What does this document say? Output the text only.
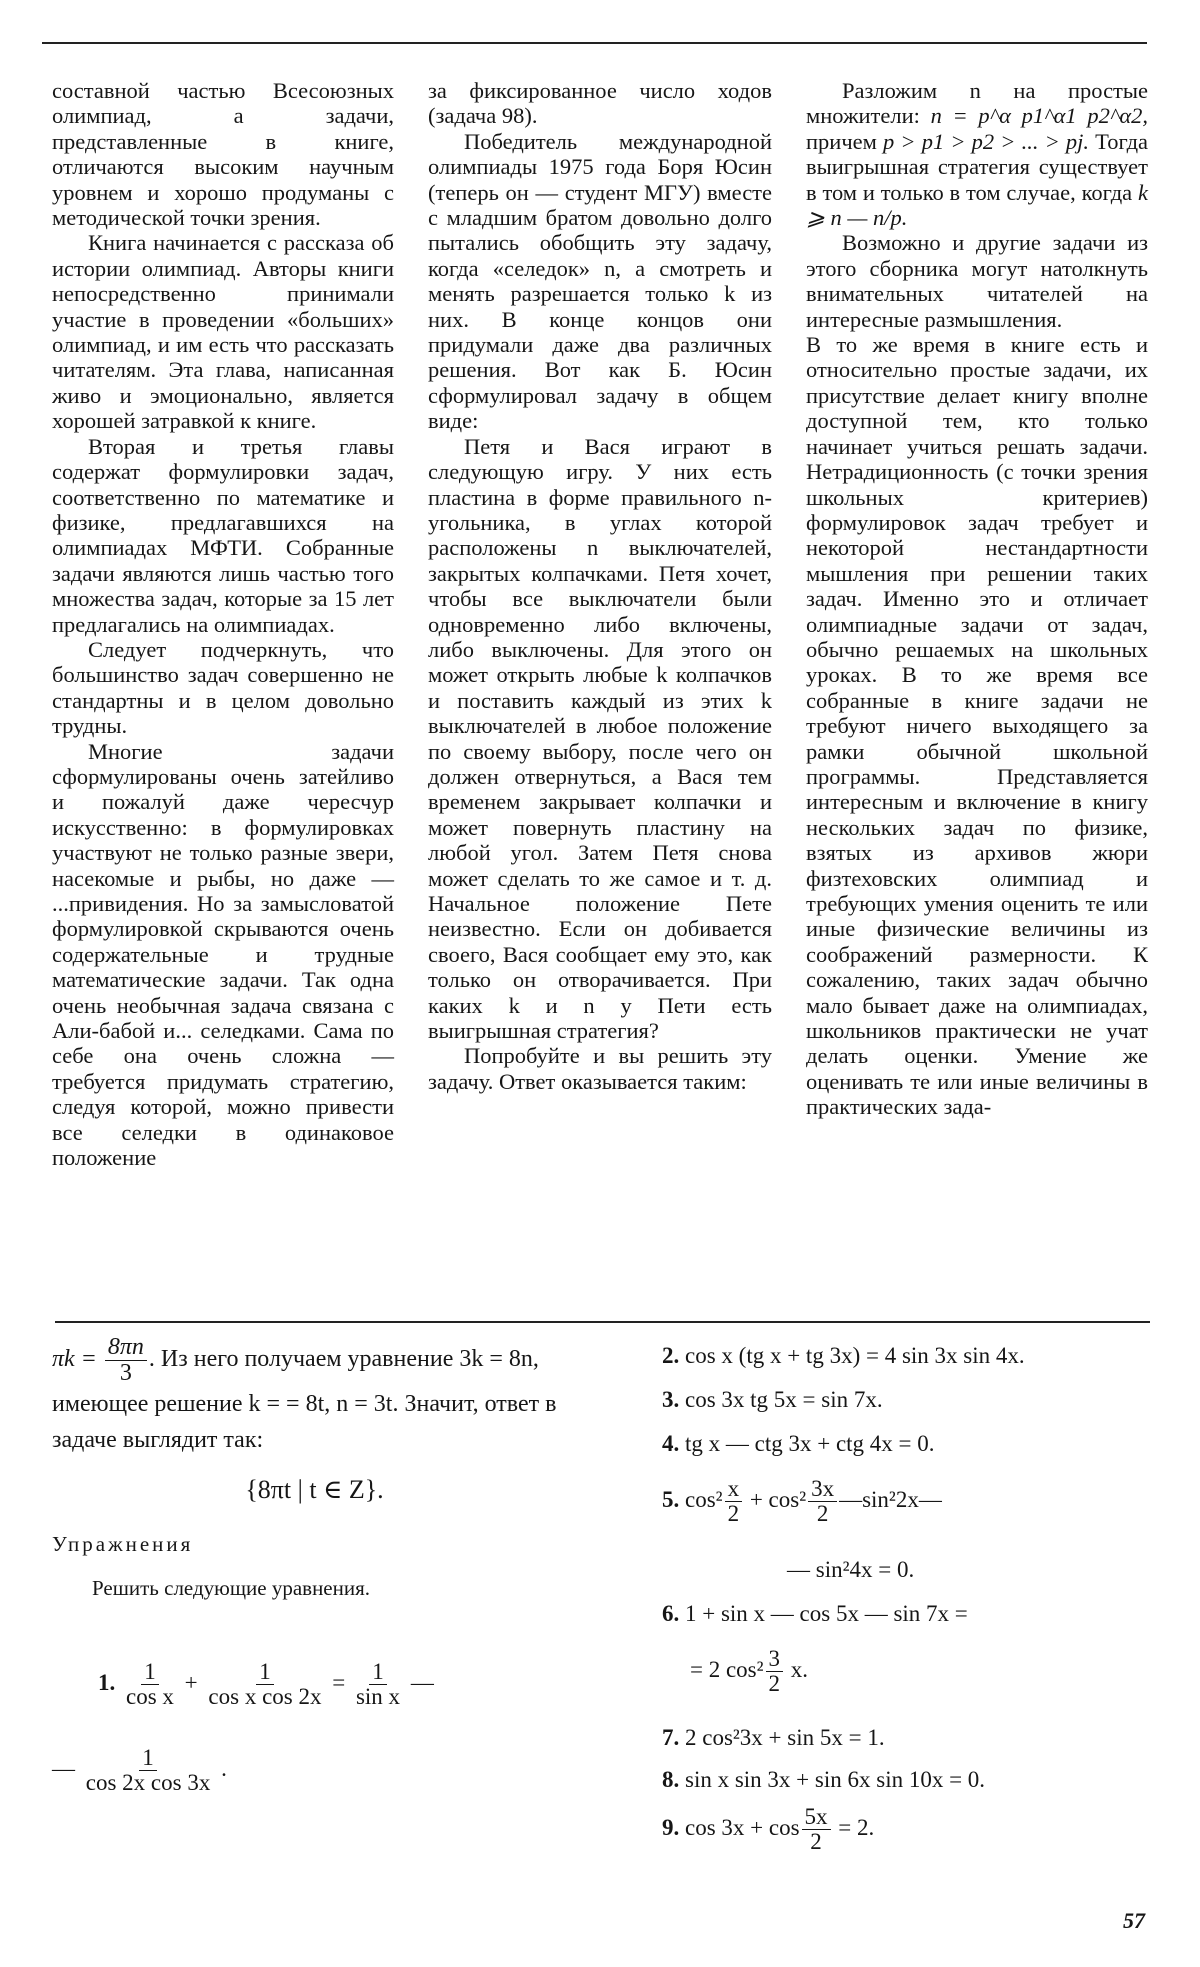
составной частью Всесоюзных олимпиад, а задачи, представленные в книге, отличаются высоким научным уровнем и хорошо продуманы с методической точки зрения.

Книга начинается с рассказа об истории олимпиад. Авторы книги непосредственно принимали участие в проведении «больших» олимпиад, и им есть что рассказать читателям. Эта глава, написанная живо и эмоционально, является хорошей затравкой к книге.

Вторая и третья главы содержат формулировки задач, соответственно по математике и физике, предлагавшихся на олимпиадах МФТИ. Собранные задачи являются лишь частью того множества задач, которые за 15 лет предлагались на олимпиадах.

Следует подчеркнуть, что большинство задач совершенно не стандартны и в целом довольно трудны.

Многие задачи сформулированы очень затейливо и пожалуй даже чересчур искусственно: в формулировках участвуют не только разные звери, насекомые и рыбы, но даже — ...привидения. Но за замысловатой формулировкой скрываются очень содержательные и трудные математические задачи. Так одна очень необычная задача связана с Али-бабой и... селедками. Сама по себе она очень сложна — требуется придумать стратегию, следуя которой, можно привести все селедки в одинаковое положение

за фиксированное число ходов (задача 98).

Победитель международной олимпиады 1975 года Боря Юсин (теперь он — студент МГУ) вместе с младшим братом довольно долго пытались обобщить эту задачу, когда «селедок» n, а смотреть и менять разрешается только k из них. В конце концов они придумали даже два различных решения. Вот как Б. Юсин сформулировал задачу в общем виде:

Петя и Вася играют в следующую игру. У них есть пластина в форме правильного n-угольника, в углах которой расположены n выключателей, закрытых колпачками. Петя хочет, чтобы все выключатели были одновременно либо включены, либо выключены. Для этого он может открыть любые k колпачков и поставить каждый из этих k выключателей в любое положение по своему выбору, после чего он должен отвернуться, а Вася тем временем закрывает колпачки и может повернуть пластину на любой угол. Затем Петя снова может сделать то же самое и т. д. Начальное положение Пете неизвестно. Если он добивается своего, Вася сообщает ему это, как только он отворачивается. При каких k и n у Пети есть выигрышная стратегия?

Попробуйте и вы решить эту задачу. Ответ оказывается таким:

Разложим n на простые множители: n = p^α p1^α1 p2^α2, причем p > p1 > p2 > ... > pj. Тогда выигрышная стратегия существует в том и только в том случае, когда k ⩾ n — n/p.

Возможно и другие задачи из этого сборника могут натолкнуть внимательных читателей на интересные размышления.

В то же время в книге есть и относительно простые задачи, их присутствие делает книгу вполне доступной тем, кто только начинает учиться решать задачи. Нетрадиционность (с точки зрения школьных критериев) формулировок задач требует и некоторой нестандартности мышления при решении таких задач. Именно это и отличает олимпиадные задачи от задач, обычно решаемых на школьных уроках. В то же время все собранные в книге задачи не требуют ничего выходящего за рамки обычной школьной программы. Представляется интересным и включение в книгу нескольких задач по физике, взятых из архивов жюри физтеховских олимпиад и требующих умения оценить те или иные физические величины из соображений размерности. К сожалению, таких задач обычно мало бывает даже на олимпиадах, школьников практически не учат делать оценки. Умение же оценивать те или иные величины в практических зада-

$\pi k = \frac{8\pi n}{3}$ . Из него получаем уравнение 3k = 8n, имеющее решение k = = 8t, n = 3t. Значит, ответ в задаче выглядит так:

{8πt | t ∈ Z}.

Упражнения

Решить следующие уравнения.

1. $\frac{1}{\text{cos x}} + \frac{1}{\text{cos x cos 2x}} = \frac{1}{\text{sin x}}$ —
— $\frac{1}{\text{cos 2x cos 3x}}$ .
2. cos x (tg x + tg 3x) = 4 sin 3x sin 4x.
3. cos 3x tg 5x = sin 7x.
4. tg x — ctg 3x + ctg 4x = 0.
5. $\cos^2 \frac{x}{2} + \cos^2 \frac{3x}{2}$ —sin²2x—
— sin²4x = 0.
6. 1 + sin x — cos 5x — sin 7x =
= 2 $\cos^2 \frac{3}{2} x$.
7. 2 cos²3x + sin 5x = 1.
8. sin x sin 3x + sin 6x sin 10x = 0.
9. $\cos 3x + \cos \frac{5x}{2} = 2$.
57
